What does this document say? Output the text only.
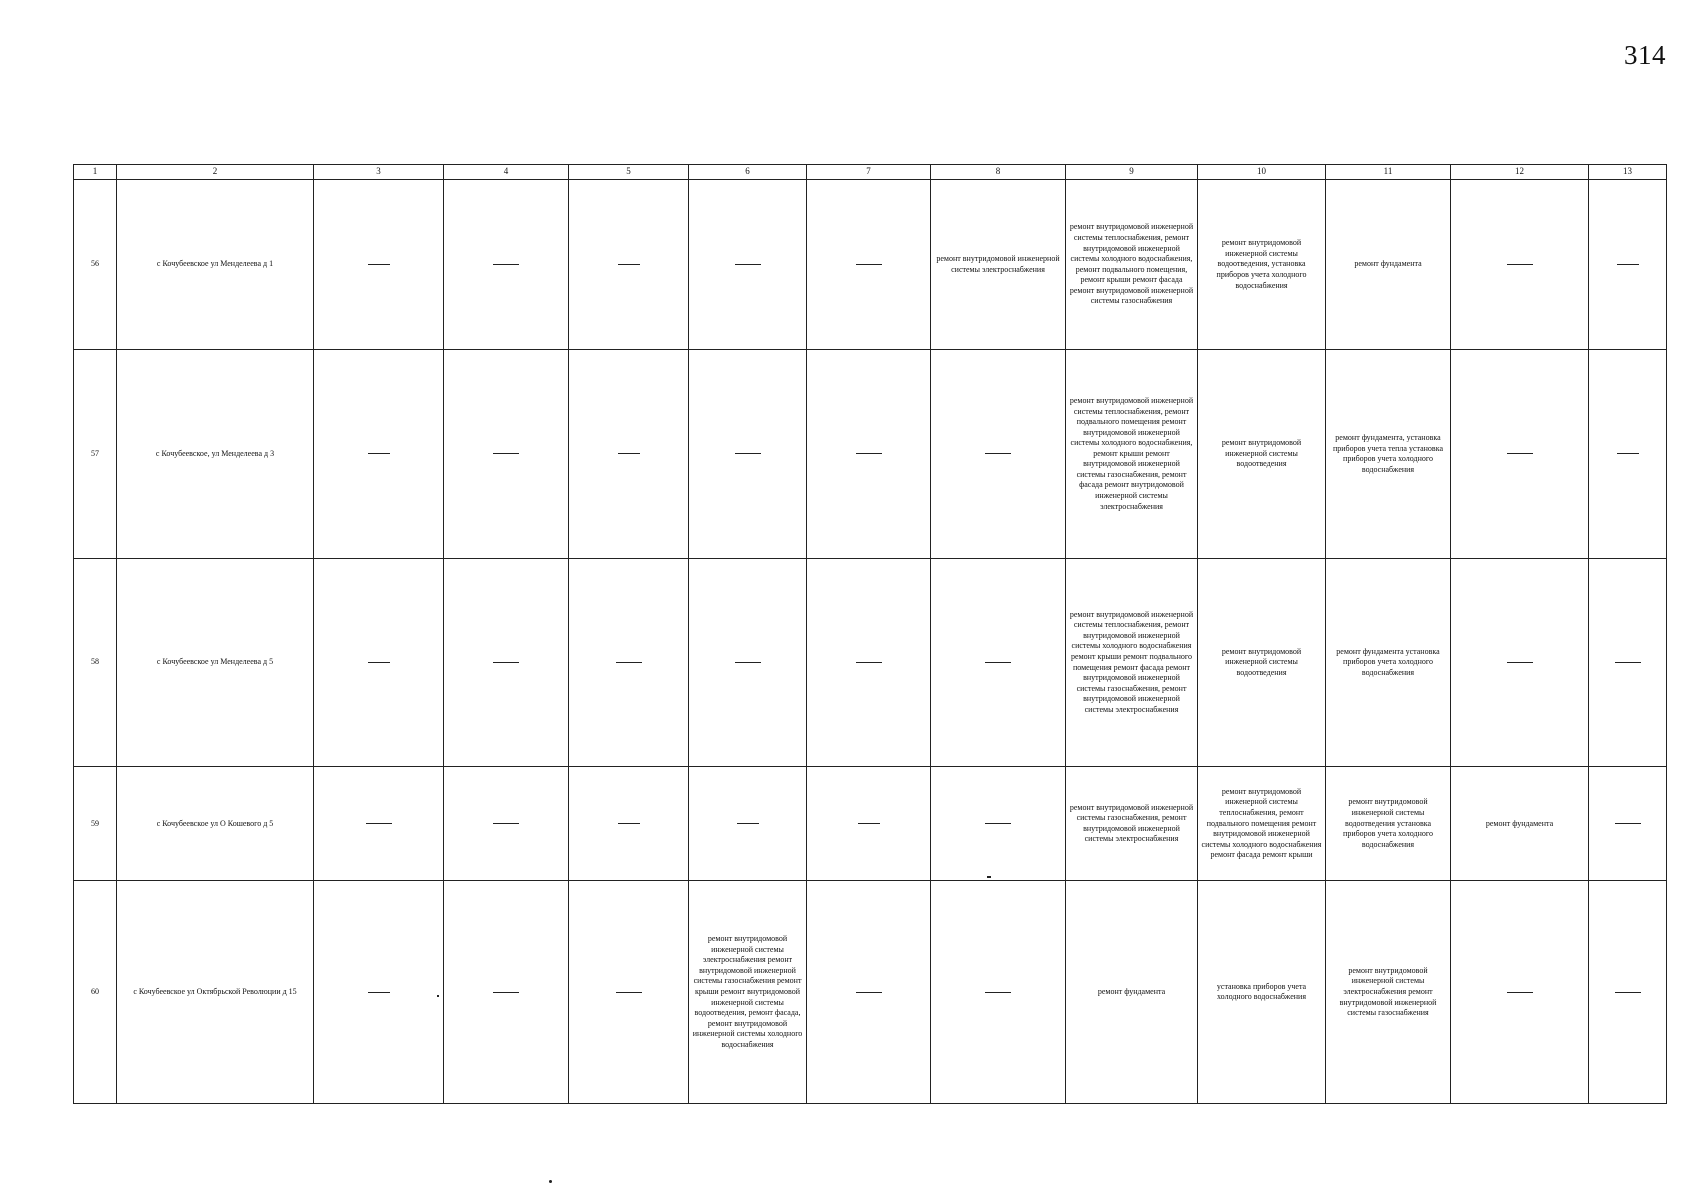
314
1	2	3	4	5	6	7	8	9	10	11	12	13
56	с Кочубеевское ул Менделеева д 1						ремонт внутридомовой инженерной системы электроснабжения	ремонт внутридомовой инженерной системы теплоснабжения, ремонт внутридомовой инженерной системы холодного водоснабжения, ремонт подвального помещения, ремонт крыши ремонт фасада ремонт внутридомовой инженерной системы газоснабжения	ремонт внутридомовой инженерной системы водоотведения, установка приборов учета холодного водоснабжения	ремонт фундамента		
57	с Кочубеевское, ул Менделеева д 3							ремонт внутридомовой инженерной системы теплоснабжения, ремонт подвального помещения ремонт внутридомовой инженерной системы холодного водоснабжения, ремонт крыши ремонт внутридомовой инженерной системы газоснабжения, ремонт фасада ремонт внутридомовой инженерной системы электроснабжения	ремонт внутридомовой инженерной системы водоотведения	ремонт фундамента, установка приборов учета тепла установка приборов учета холодного водоснабжения		
58	с Кочубеевское ул Менделеева д 5							ремонт внутридомовой инженерной системы теплоснабжения, ремонт внутридомовой инженерной системы холодного водоснабжения ремонт крыши ремонт подвального помещения ремонт фасада ремонт внутридомовой инженерной системы газоснабжения, ремонт внутридомовой инженерной системы электроснабжения	ремонт внутридомовой инженерной системы водоотведения	ремонт фундамента установка приборов учета холодного водоснабжения		
59	с Кочубеевское ул О Кошевого д 5							ремонт внутридомовой инженерной системы газоснабжения, ремонт внутридомовой инженерной системы электроснабжения	ремонт внутридомовой инженерной системы теплоснабжения, ремонт подвального помещения ремонт внутридомовой инженерной системы холодного водоснабжения ремонт фасада ремонт крыши	ремонт внутридомовой инженерной системы водоотведения установка приборов учета холодного водоснабжения	ремонт фундамента	
60	с Кочубеевское ул Октябрьской Революции д 15				ремонт внутридомовой инженерной системы электроснабжения ремонт внутридомовой инженерной системы газоснабжения ремонт крыши ремонт внутридомовой инженерной системы водоотведения, ремонт фасада, ремонт внутридомовой инженерной системы холодного водоснабжения			ремонт фундамента	установка приборов учета холодного водоснабжения	ремонт внутридомовой инженерной системы электроснабжения ремонт внутридомовой инженерной системы газоснабжения		
